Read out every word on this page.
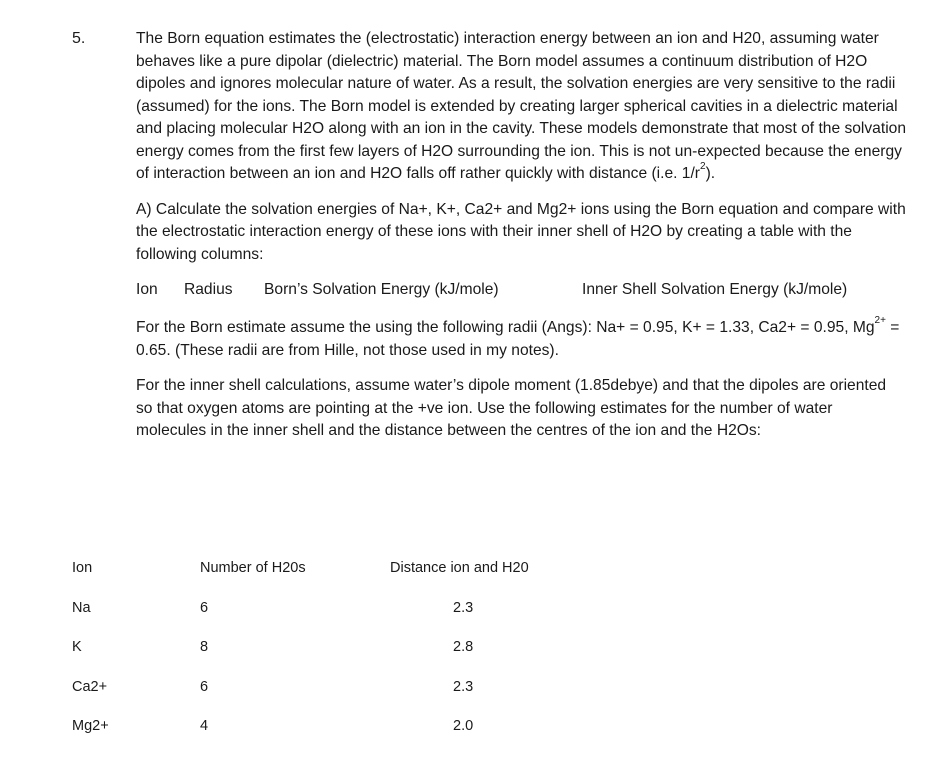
5.	The Born equation estimates the (electrostatic) interaction energy between an ion and H20, assuming water behaves like a pure dipolar (dielectric) material. The Born model assumes a continuum distribution of H2O dipoles and ignores molecular nature of water. As a result, the solvation energies are very sensitive to the radii (assumed) for the ions. The Born model is extended by creating larger spherical cavities in a dielectric material and placing molecular H2O along with an ion in the cavity. These models demonstrate that most of the solvation energy comes from the first few layers of H2O surrounding the ion. This is not un-expected because the energy of interaction between an ion and H2O falls off rather quickly with distance (i.e. $1/r^2$).

A) Calculate the solvation energies of Na+, K+, Ca2+ and Mg2+ ions using the Born equation and compare with the electrostatic interaction energy of these ions with their inner shell of H2O by creating a table with the following columns:

Ion Radius Born’s Solvation Energy (kJ/mole)	Inner Shell Solvation Energy (kJ/mole)

For the Born estimate assume the using the following radii (Angs): Na+ = 0.95, K+ = 1.33, Ca2+ = 0.95, $Mg^{2+} = 0.65$. (These radii are from Hille, not those used in my notes).

For the inner shell calculations, assume water’s dipole moment (1.85debye) and that the dipoles are oriented so that oxygen atoms are pointing at the +ve ion. Use the following estimates for the number of water molecules in the inner shell and the distance between the centres of the ion and the H2Os:

Ion	Number of H20s	Distance ion and H20
Na	6	2.3
K	8	2.8
Ca2+	6	2.3
Mg2+	4	2.0
